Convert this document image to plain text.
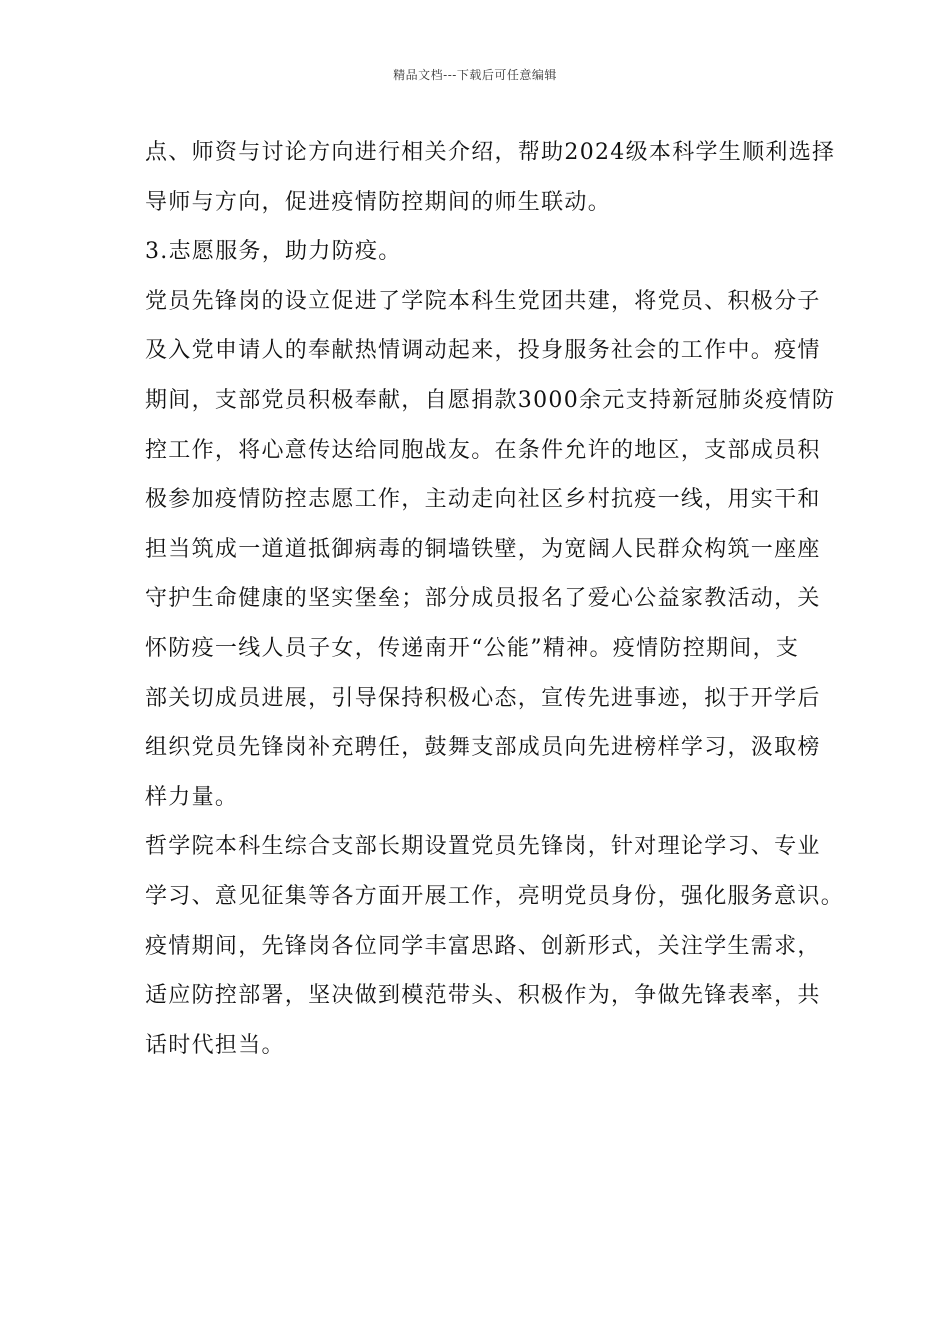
精品文档---下载后可任意编辑
点、师资与讨论方向进行相关介绍，帮助2024级本科学生顺利选择
导师与方向，促进疫情防控期间的师生联动。
3.志愿服务，助力防疫。
党员先锋岗的设立促进了学院本科生党团共建，将党员、积极分子
及入党申请人的奉献热情调动起来，投身服务社会的工作中。疫情
期间，支部党员积极奉献，自愿捐款3000余元支持新冠肺炎疫情防
控工作，将心意传达给同胞战友。在条件允许的地区，支部成员积
极参加疫情防控志愿工作，主动走向社区乡村抗疫一线，用实干和
担当筑成一道道抵御病毒的铜墙铁壁，为宽阔人民群众构筑一座座
守护生命健康的坚实堡垒；部分成员报名了爱心公益家教活动，关
怀防疫一线人员子女，传递南开“公能”精神。疫情防控期间，支
部关切成员进展，引导保持积极心态，宣传先进事迹，拟于开学后
组织党员先锋岗补充聘任，鼓舞支部成员向先进榜样学习，汲取榜
样力量。
哲学院本科生综合支部长期设置党员先锋岗，针对理论学习、专业
学习、意见征集等各方面开展工作，亮明党员身份，强化服务意识。
疫情期间，先锋岗各位同学丰富思路、创新形式，关注学生需求，
适应防控部署，坚决做到模范带头、积极作为，争做先锋表率，共
话时代担当。
